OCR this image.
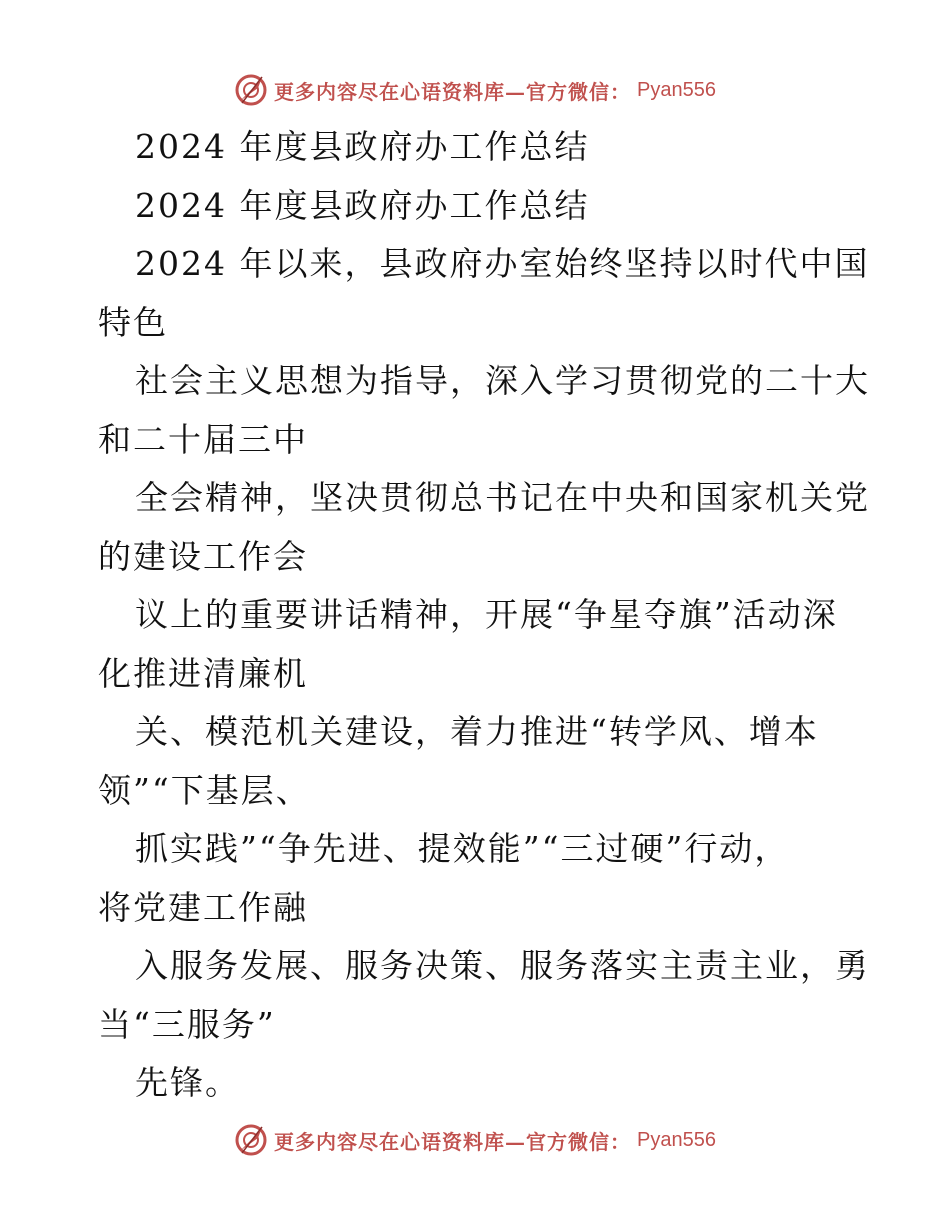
更多内容尽在心语资料库—官方微信： Pyan556
2024 年度县政府办工作总结
2024 年度县政府办工作总结
2024 年以来，县政府办室始终坚持以时代中国
特色
社会主义思想为指导，深入学习贯彻党的二十大
和二十届三中
全会精神，坚决贯彻总书记在中央和国家机关党
的建设工作会
议上的重要讲话精神，开展“争星夺旗”活动深
化推进清廉机
关、模范机关建设，着力推进“转学风、增本
领”“下基层、
抓实践”“争先进、提效能”“三过硬”行动，
将党建工作融
入服务发展、服务决策、服务落实主责主业，勇
当“三服务”
先锋。
更多内容尽在心语资料库—官方微信： Pyan556
